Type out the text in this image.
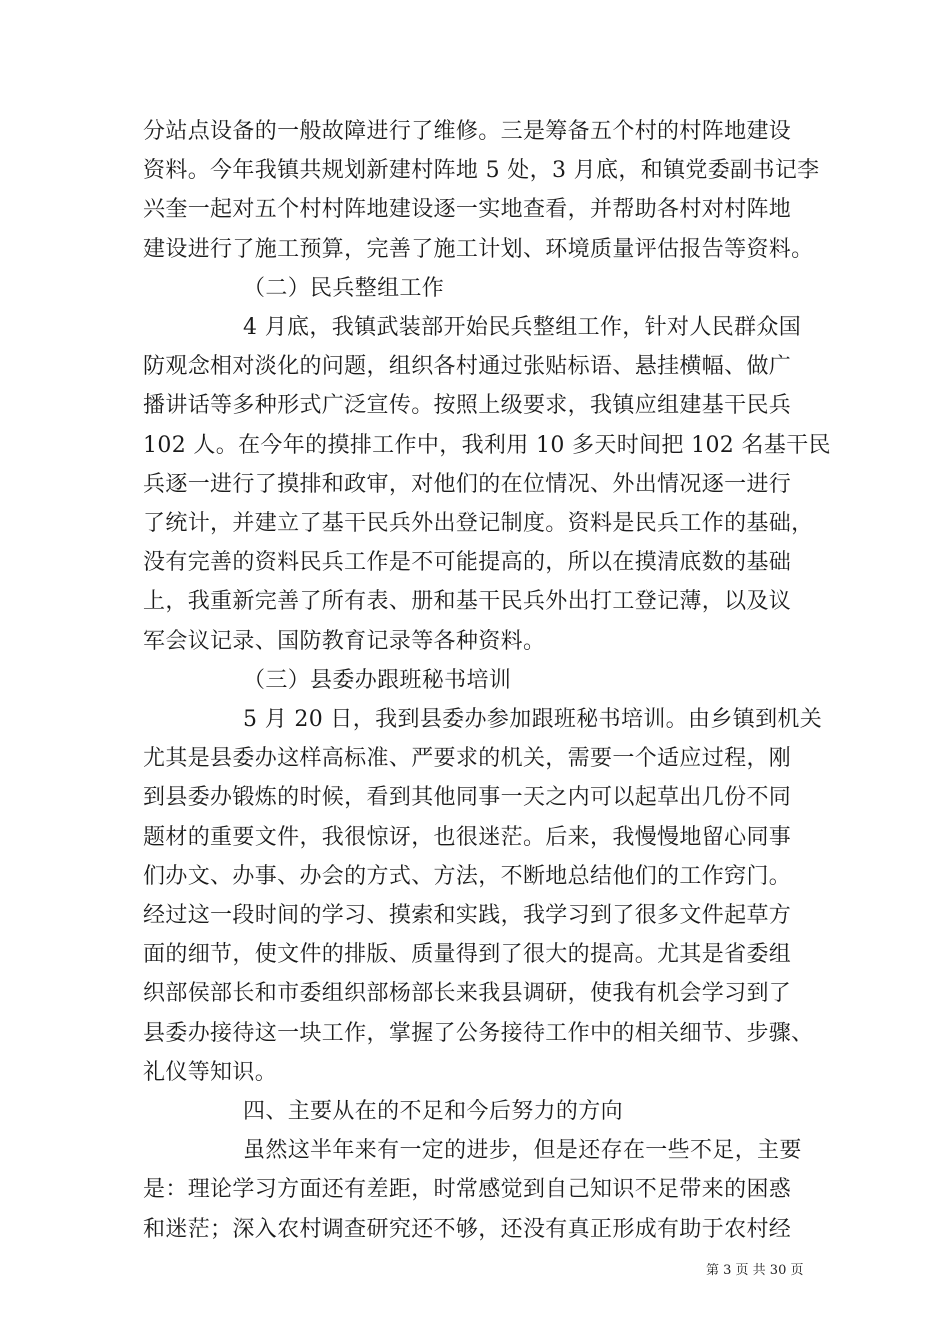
分站点设备的一般故障进行了维修。三是筹备五个村的村阵地建设
资料。今年我镇共规划新建村阵地 5 处，3 月底，和镇党委副书记李
兴奎一起对五个村村阵地建设逐一实地查看，并帮助各村对村阵地
建设进行了施工预算，完善了施工计划、环境质量评估报告等资料。
（二）民兵整组工作
4 月底，我镇武装部开始民兵整组工作，针对人民群众国
防观念相对淡化的问题，组织各村通过张贴标语、悬挂横幅、做广
播讲话等多种形式广泛宣传。按照上级要求，我镇应组建基干民兵
102 人。在今年的摸排工作中，我利用 10 多天时间把 102 名基干民
兵逐一进行了摸排和政审，对他们的在位情况、外出情况逐一进行
了统计，并建立了基干民兵外出登记制度。资料是民兵工作的基础，
没有完善的资料民兵工作是不可能提高的，所以在摸清底数的基础
上，我重新完善了所有表、册和基干民兵外出打工登记薄，以及议
军会议记录、国防教育记录等各种资料。
（三）县委办跟班秘书培训
5 月 20 日，我到县委办参加跟班秘书培训。由乡镇到机关
尤其是县委办这样高标准、严要求的机关，需要一个适应过程，刚
到县委办锻炼的时候，看到其他同事一天之内可以起草出几份不同
题材的重要文件，我很惊讶，也很迷茫。后来，我慢慢地留心同事
们办文、办事、办会的方式、方法，不断地总结他们的工作窍门。
经过这一段时间的学习、摸索和实践，我学习到了很多文件起草方
面的细节，使文件的排版、质量得到了很大的提高。尤其是省委组
织部侯部长和市委组织部杨部长来我县调研，使我有机会学习到了
县委办接待这一块工作，掌握了公务接待工作中的相关细节、步骤、
礼仪等知识。
四、主要从在的不足和今后努力的方向
虽然这半年来有一定的进步，但是还存在一些不足，主要
是：理论学习方面还有差距，时常感觉到自己知识不足带来的困惑
和迷茫；深入农村调查研究还不够，还没有真正形成有助于农村经
第 3 页 共 30 页
